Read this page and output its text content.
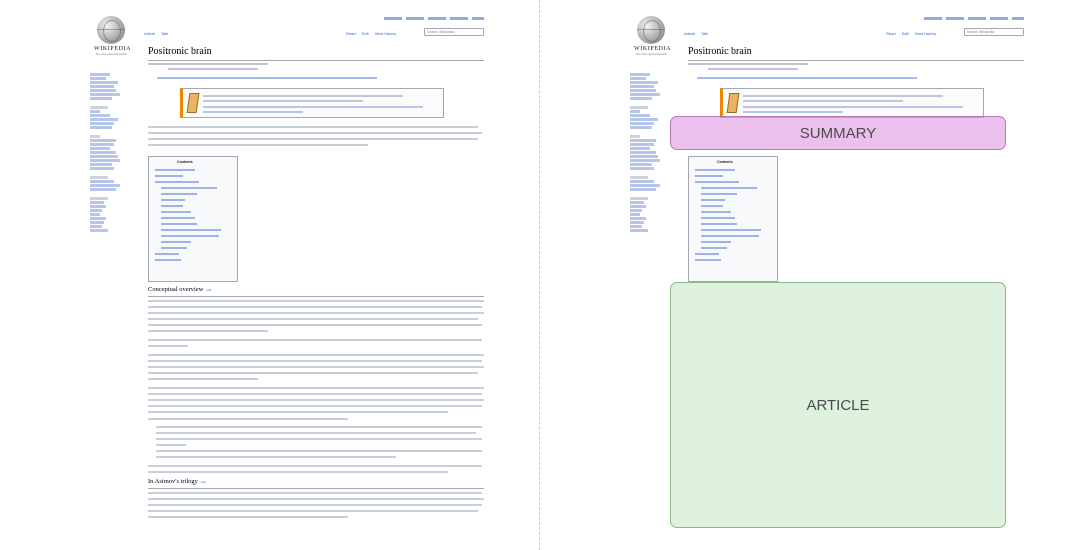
WIKIPEDIA
The Free Encyclopedia
Article Talk	Read Edit View history	Search Wikipedia
Positronic brain
Contents
Conceptual overview edit
In Asimov's trilogy edit
WIKIPEDIA
The Free Encyclopedia
Article Talk	Read Edit View history	Search Wikipedia
Positronic brain
Contents
SUMMARY
ARTICLE
